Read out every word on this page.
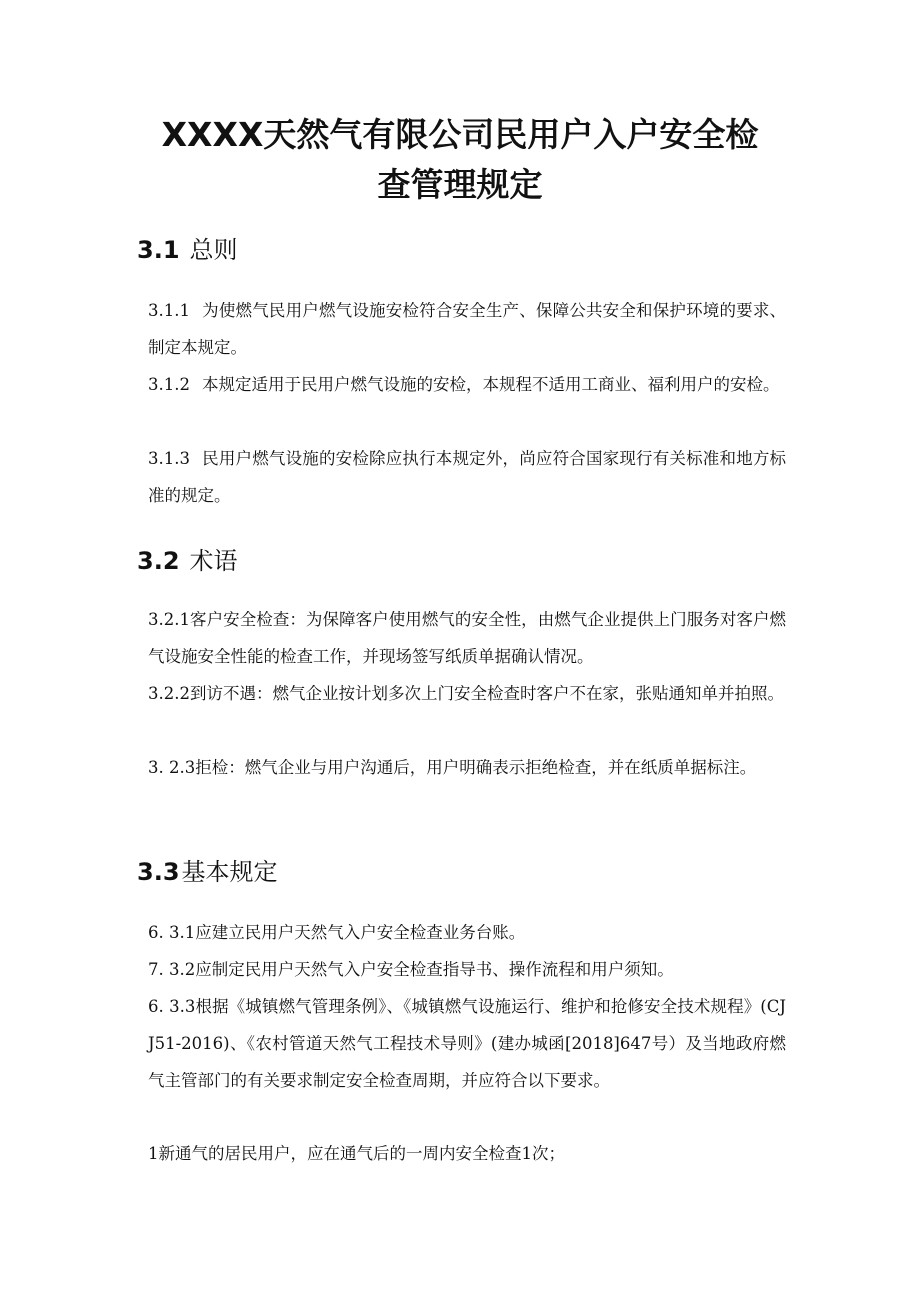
XXXX天然气有限公司民用户入户安全检
查管理规定
3.1 总则

3.1.1 为使燃气民用户燃气设施安检符合安全生产、保障公共安全和保护环境的要求、制定本规定。

3.1.2 本规定适用于民用户燃气设施的安检，本规程不适用工商业、福利用户的安检。

3.1.3 民用户燃气设施的安检除应执行本规定外，尚应符合国家现行有关标准和地方标准的规定。

3.2 术语

3.2.1客户安全检查：为保障客户使用燃气的安全性，由燃气企业提供上门服务对客户燃气设施安全性能的检查工作，并现场签写纸质单据确认情况。

3.2.2到访不遇：燃气企业按计划多次上门安全检查时客户不在家，张贴通知单并拍照。

3. 2.3拒检：燃气企业与用户沟通后，用户明确表示拒绝检查，并在纸质单据标注。

3.3基本规定

6. 3.1应建立民用户天然气入户安全检查业务台账。

7. 3.2应制定民用户天然气入户安全检查指导书、操作流程和用户须知。

6. 3.3根据《城镇燃气管理条例》、《城镇燃气设施运行、维护和抢修安全技术规程》(CJJ51-2016)、《农村管道天然气工程技术导则》(建办城函[2018]647号）及当地政府燃气主管部门的有关要求制定安全检查周期，并应符合以下要求。

1新通气的居民用户，应在通气后的一周内安全检查1次；
